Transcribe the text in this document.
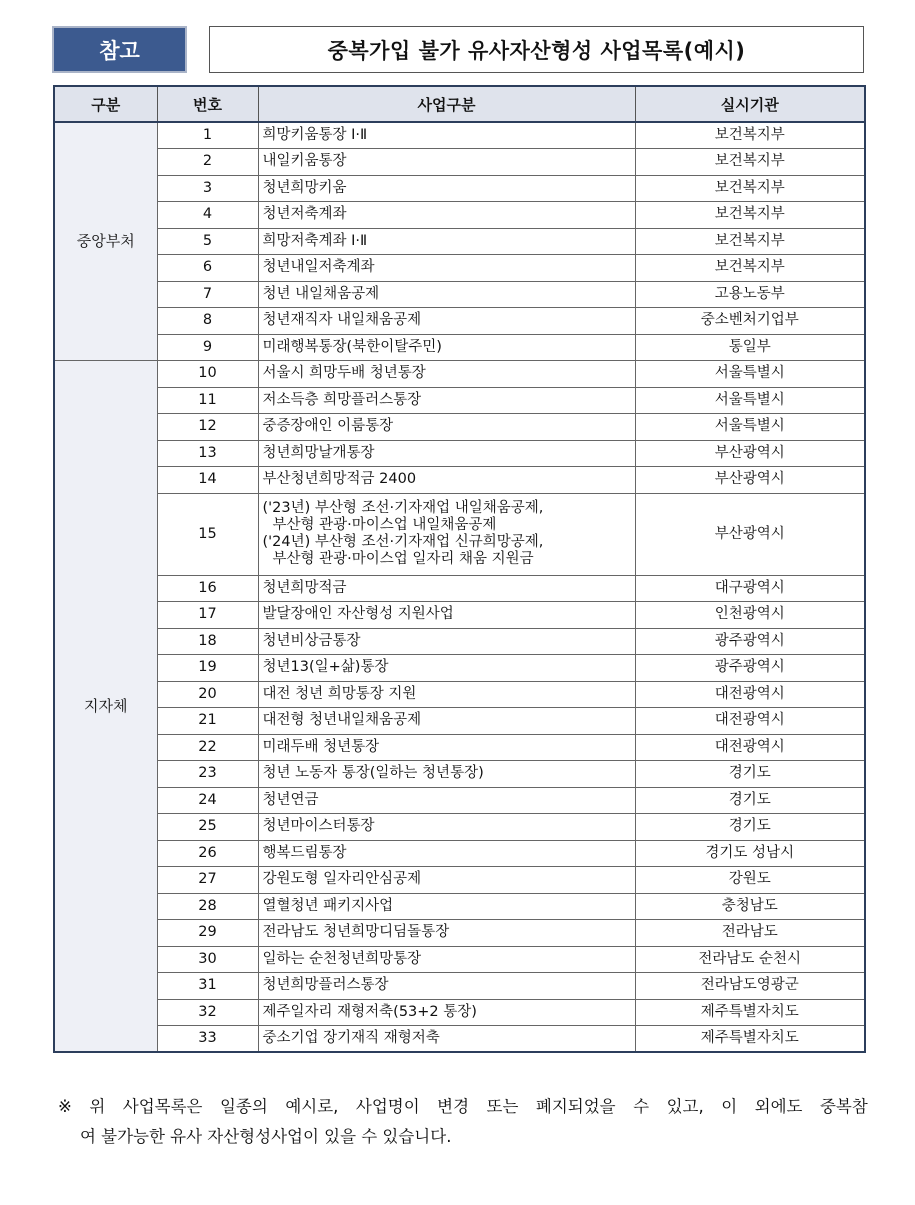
참고	중복가입 불가 유사자산형성 사업목록(예시)
구분	번호	사업구분	실시기관
중앙부처	1	희망키움통장 Ⅰ·Ⅱ	보건복지부
	2	내일키움통장	보건복지부
	3	청년희망키움	보건복지부
	4	청년저축계좌	보건복지부
	5	희망저축계좌 Ⅰ·Ⅱ	보건복지부
	6	청년내일저축계좌	보건복지부
	7	청년 내일채움공제	고용노동부
	8	청년재직자 내일채움공제	중소벤처기업부
	9	미래행복통장(북한이탈주민)	통일부
지자체	10	서울시 희망두배 청년통장	서울특별시
	11	저소득층 희망플러스통장	서울특별시
	12	중증장애인 이룸통장	서울특별시
	13	청년희망날개통장	부산광역시
	14	부산청년희망적금 2400	부산광역시
	15	('23년) 부산형 조선·기자재업 내일채움공제,
부산형 관광·마이스업 내일채움공제
('24년) 부산형 조선·기자재업 신규희망공제,
부산형 관광·마이스업 일자리 채움 지원금	부산광역시
	16	청년희망적금	대구광역시
	17	발달장애인 자산형성 지원사업	인천광역시
	18	청년비상금통장	광주광역시
	19	청년13(일+삶)통장	광주광역시
	20	대전 청년 희망통장 지원	대전광역시
	21	대전형 청년내일채움공제	대전광역시
	22	미래두배 청년통장	대전광역시
	23	청년 노동자 통장(일하는 청년통장)	경기도
	24	청년연금	경기도
	25	청년마이스터통장	경기도
	26	행복드림통장	경기도 성남시
	27	강원도형 일자리안심공제	강원도
	28	열혈청년 패키지사업	충청남도
	29	전라남도 청년희망디딤돌통장	전라남도
	30	일하는 순천청년희망통장	전라남도 순천시
	31	청년희망플러스통장	전라남도영광군
	32	제주일자리 재형저축(53+2 통장)	제주특별자치도
	33	중소기업 장기재직 재형저축	제주특별자치도
※ 위 사업목록은 일종의 예시로, 사업명이 변경 또는 폐지되었을 수 있고, 이 외에도 중복참
여 불가능한 유사 자산형성사업이 있을 수 있습니다.
